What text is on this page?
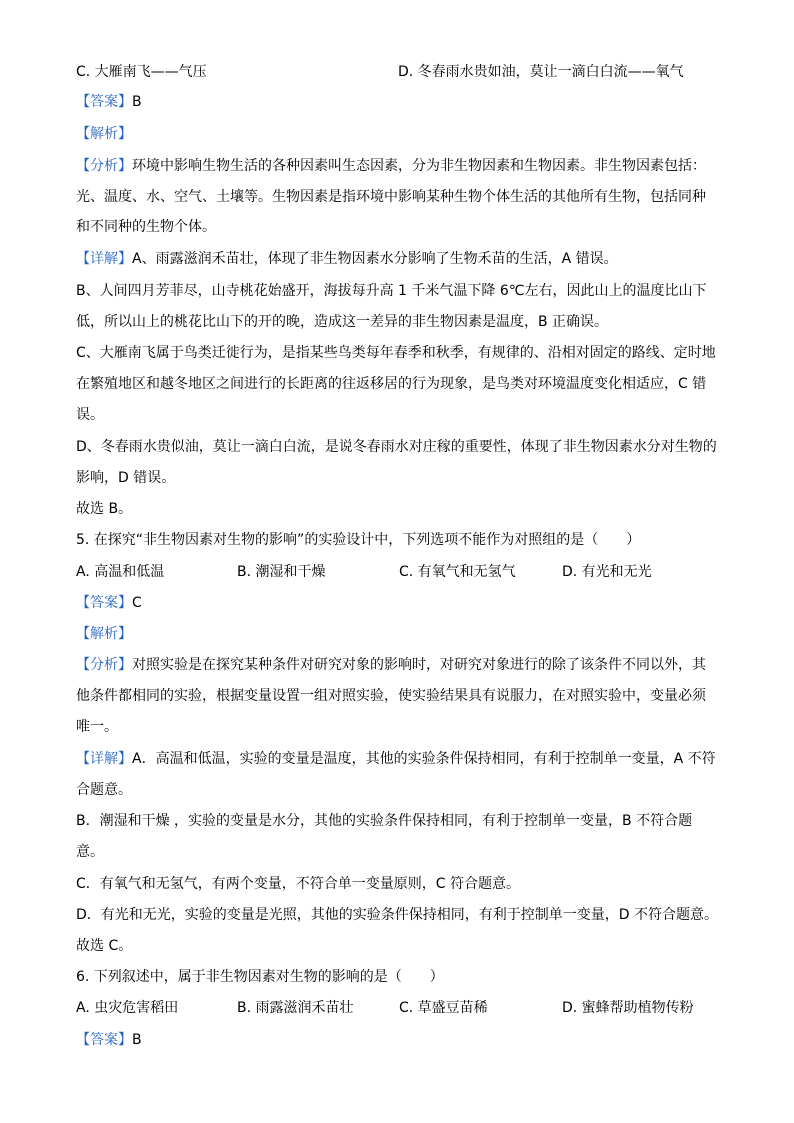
C. 大雁南飞——气压	D. 冬春雨水贵如油，莫让一滴白白流——氧气
【答案】B
【解析】
【分析】环境中影响生物生活的各种因素叫生态因素，分为非生物因素和生物因素。非生物因素包括：
光、温度、水、空气、土壤等。生物因素是指环境中影响某种生物个体生活的其他所有生物，包括同种
和不同种的生物个体。
【详解】A、雨露滋润禾苗壮，体现了非生物因素水分影响了生物禾苗的生活，A 错误。
B、人间四月芳菲尽，山寺桃花始盛开，海拔每升高 1 千米气温下降 6℃左右，因此山上的温度比山下
低，所以山上的桃花比山下的开的晚，造成这一差异的非生物因素是温度，B 正确误。
C、大雁南飞属于鸟类迁徙行为，是指某些鸟类每年春季和秋季，有规律的、沿相对固定的路线、定时地
在繁殖地区和越冬地区之间进行的长距离的往返移居的行为现象，是鸟类对环境温度变化相适应，C 错
误。
D、冬春雨水贵似油，莫让一滴白白流，是说冬春雨水对庄稼的重要性，体现了非生物因素水分对生物的
影响，D 错误。
故选 B。
5. 在探究“非生物因素对生物的影响”的实验设计中，下列选项不能作为对照组的是（　　）
A. 高温和低温	B. 潮湿和干燥	C. 有氧气和无氢气	D. 有光和无光
【答案】C
【解析】
【分析】对照实验是在探究某种条件对研究对象的影响时，对研究对象进行的除了该条件不同以外，其
他条件都相同的实验，根据变量设置一组对照实验，使实验结果具有说服力，在对照实验中，变量必须
唯一。
【详解】A．高温和低温，实验的变量是温度，其他的实验条件保持相同，有利于控制单一变量，A 不符
合题意。
B．潮湿和干燥 ，实验的变量是水分，其他的实验条件保持相同，有利于控制单一变量，B 不符合题
意。
C．有氧气和无氢气，有两个变量，不符合单一变量原则，C 符合题意。
D．有光和无光，实验的变量是光照，其他的实验条件保持相同，有利于控制单一变量，D 不符合题意。
故选 C。
6. 下列叙述中，属于非生物因素对生物的影响的是（　　）
A. 虫灾危害稻田	B. 雨露滋润禾苗壮	C. 草盛豆苗稀	D. 蜜蜂帮助植物传粉
【答案】B
